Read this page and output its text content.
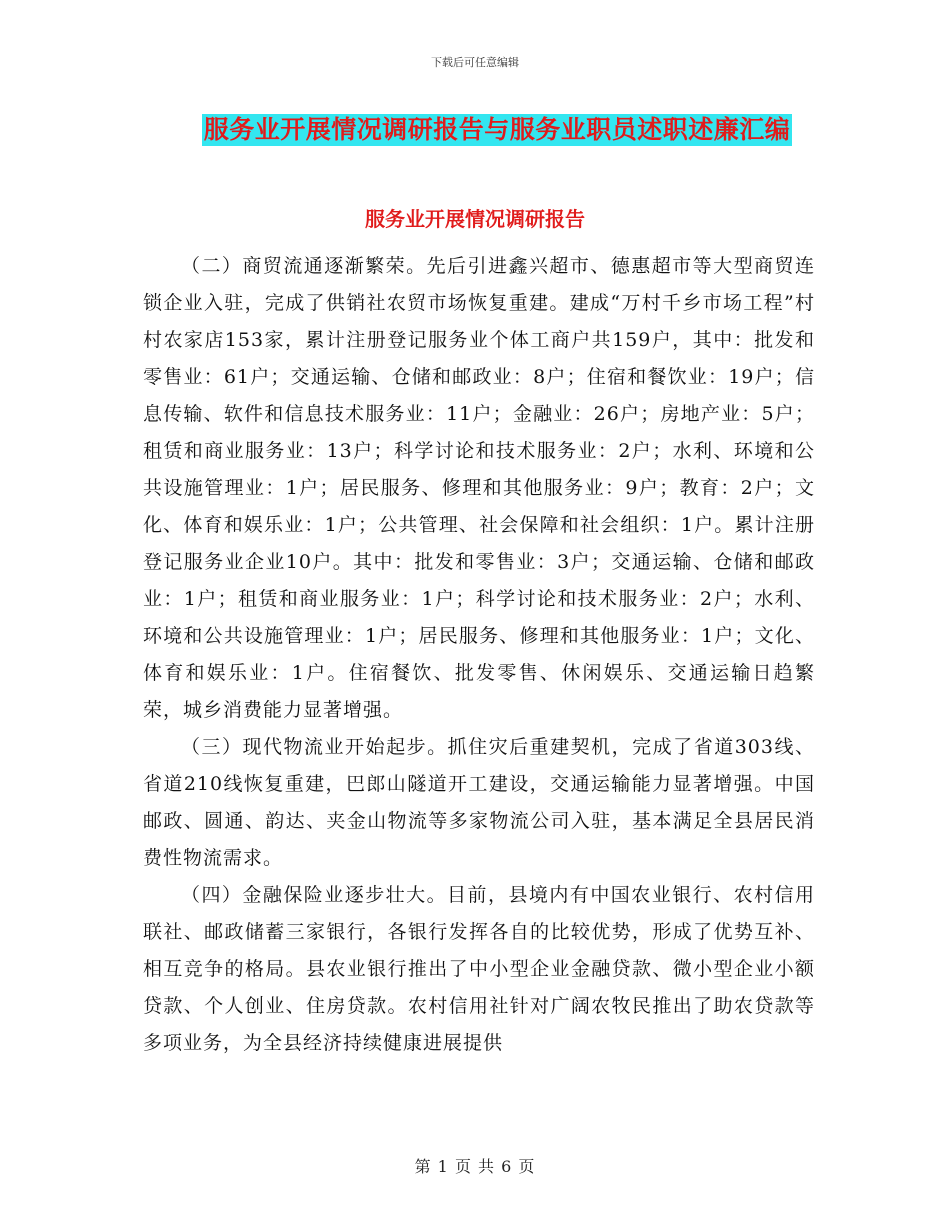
下载后可任意编辑
服务业开展情况调研报告与服务业职员述职述廉汇编
服务业开展情况调研报告

（二）商贸流通逐渐繁荣。先后引进鑫兴超市、德惠超市等大型商贸连锁企业入驻，完成了供销社农贸市场恢复重建。建成“万村千乡市场工程”村村农家店153家，累计注册登记服务业个体工商户共159户，其中：批发和零售业：61户；交通运输、仓储和邮政业：8户；住宿和餐饮业：19户；信息传输、软件和信息技术服务业：11户；金融业：26户；房地产业：5户；租赁和商业服务业：13户；科学讨论和技术服务业：2户；水利、环境和公共设施管理业：1户；居民服务、修理和其他服务业：9户；教育：2户；文化、体育和娱乐业：1户；公共管理、社会保障和社会组织：1户。累计注册登记服务业企业10户。其中：批发和零售业：3户；交通运输、仓储和邮政业：1户；租赁和商业服务业：1户；科学讨论和技术服务业：2户；水利、环境和公共设施管理业：1户；居民服务、修理和其他服务业：1户；文化、体育和娱乐业：1户。住宿餐饮、批发零售、休闲娱乐、交通运输日趋繁荣，城乡消费能力显著增强。

（三）现代物流业开始起步。抓住灾后重建契机，完成了省道303线、省道210线恢复重建，巴郎山隧道开工建设，交通运输能力显著增强。中国邮政、圆通、韵达、夹金山物流等多家物流公司入驻，基本满足全县居民消费性物流需求。

（四）金融保险业逐步壮大。目前，县境内有中国农业银行、农村信用联社、邮政储蓄三家银行，各银行发挥各自的比较优势，形成了优势互补、相互竞争的格局。县农业银行推出了中小型企业金融贷款、微小型企业小额贷款、个人创业、住房贷款。农村信用社针对广阔农牧民推出了助农贷款等多项业务，为全县经济持续健康进展提供

第 1 页 共 6 页
